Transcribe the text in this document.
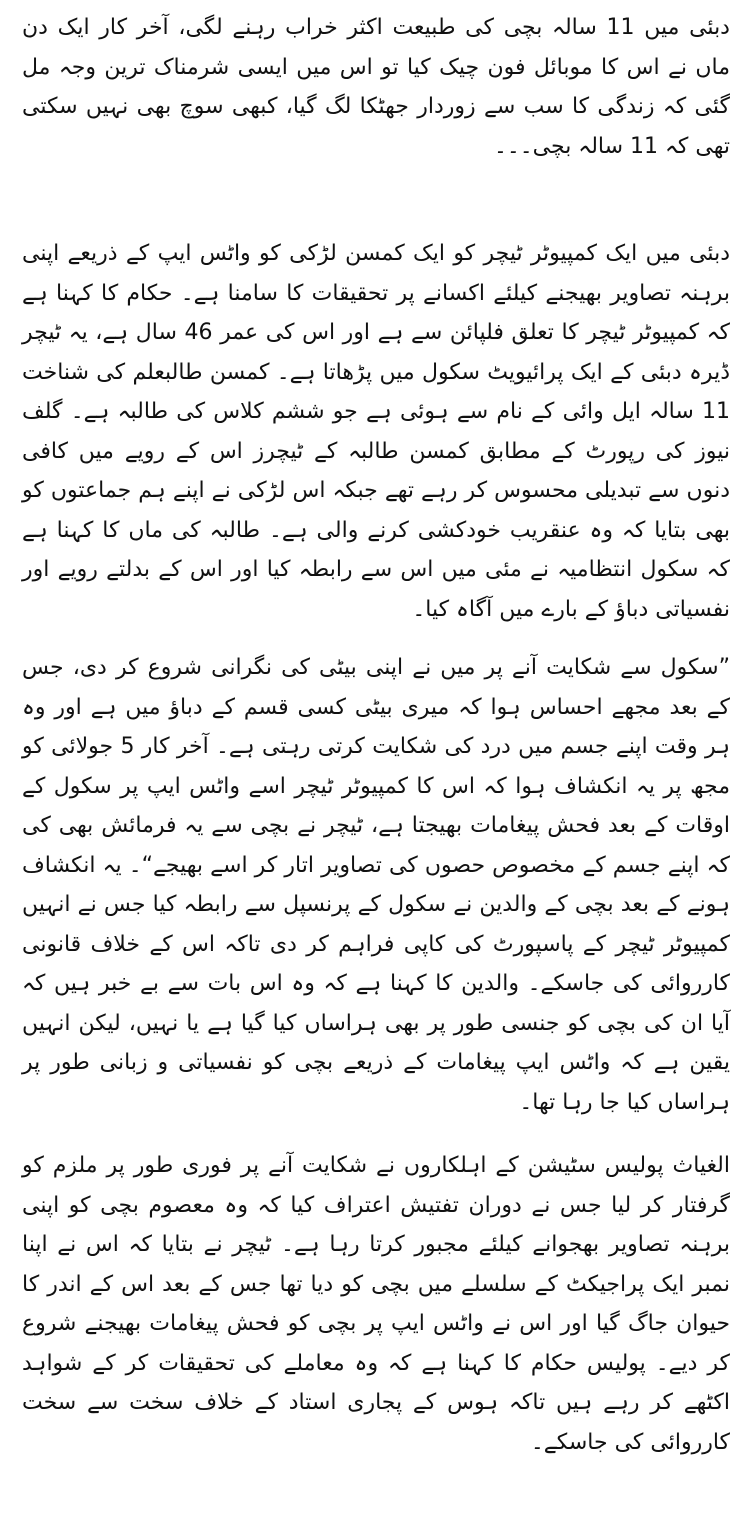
دبئی میں 11 سالہ بچی کی طبیعت اکثر خراب رہنے لگی، آخر کار ایک دن ماں نے اس کا موبائل فون چیک کیا تو اس میں ایسی شرمناک ترین وجہ مل گئی کہ زندگی کا سب سے زوردار جھٹکا لگ گیا، کبھی سوچ بھی نہیں سکتی تھی کہ 11 سالہ بچی۔۔۔

دبئی میں ایک کمپیوٹر ٹیچر کو ایک کمسن لڑکی کو واٹس ایپ کے ذریعے اپنی برہنہ تصاویر بھیجنے کیلئے اکسانے پر تحقیقات کا سامنا ہے۔ حکام کا کہنا ہے کہ کمپیوٹر ٹیچر کا تعلق فلپائن سے ہے اور اس کی عمر 46 سال ہے، یہ ٹیچر ڈیرہ دبئی کے ایک پرائیویٹ سکول میں پڑھاتا ہے۔ کمسن طالبعلم کی شناخت 11 سالہ ایل وائی کے نام سے ہوئی ہے جو ششم کلاس کی طالبہ ہے۔ گلف نیوز کی رپورٹ کے مطابق کمسن طالبہ کے ٹیچرز اس کے رویے میں کافی دنوں سے تبدیلی محسوس کر رہے تھے جبکہ اس لڑکی نے اپنے ہم جماعتوں کو بھی بتایا کہ وہ عنقریب خودکشی کرنے والی ہے۔ طالبہ کی ماں کا کہنا ہے کہ سکول انتظامیہ نے مئی میں اس سے رابطہ کیا اور اس کے بدلتے رویے اور نفسیاتی دباﺅ کے بارے میں آگاہ کیا۔

”سکول سے شکایت آنے پر میں نے اپنی بیٹی کی نگرانی شروع کر دی، جس کے بعد مجھے احساس ہوا کہ میری بیٹی کسی قسم کے دباﺅ میں ہے اور وہ ہر وقت اپنے جسم میں درد کی شکایت کرتی رہتی ہے۔ آخر کار 5 جولائی کو مجھ پر یہ انکشاف ہوا کہ اس کا کمپیوٹر ٹیچر اسے واٹس ایپ پر سکول کے اوقات کے بعد فحش پیغامات بھیجتا ہے، ٹیچر نے بچی سے یہ فرمائش بھی کی کہ اپنے جسم کے مخصوص حصوں کی تصاویر اتار کر اسے بھیجے“۔ یہ انکشاف ہونے کے بعد بچی کے والدین نے سکول کے پرنسپل سے رابطہ کیا جس نے انہیں کمپیوٹر ٹیچر کے پاسپورٹ کی کاپی فراہم کر دی تاکہ اس کے خلاف قانونی کارروائی کی جاسکے۔ والدین کا کہنا ہے کہ وہ اس بات سے بے خبر ہیں کہ آیا ان کی بچی کو جنسی طور پر بھی ہراساں کیا گیا ہے یا نہیں، لیکن انہیں یقین ہے کہ واٹس ایپ پیغامات کے ذریعے بچی کو نفسیاتی و زبانی طور پر ہراساں کیا جا رہا تھا۔

الغیاث پولیس سٹیشن کے اہلکاروں نے شکایت آنے پر فوری طور پر ملزم کو گرفتار کر لیا جس نے دوران تفتیش اعتراف کیا کہ وہ معصوم بچی کو اپنی برہنہ تصاویر بھجوانے کیلئے مجبور کرتا رہا ہے۔ ٹیچر نے بتایا کہ اس نے اپنا نمبر ایک پراجیکٹ کے سلسلے میں بچی کو دیا تھا جس کے بعد اس کے اندر کا حیوان جاگ گیا اور اس نے واٹس ایپ پر بچی کو فحش پیغامات بھیجنے شروع کر دیے۔ پولیس حکام کا کہنا ہے کہ وہ معاملے کی تحقیقات کر کے شواہد اکٹھے کر رہے ہیں تاکہ ہوس کے پجاری استاد کے خلاف سخت سے سخت کارروائی کی جاسکے۔
